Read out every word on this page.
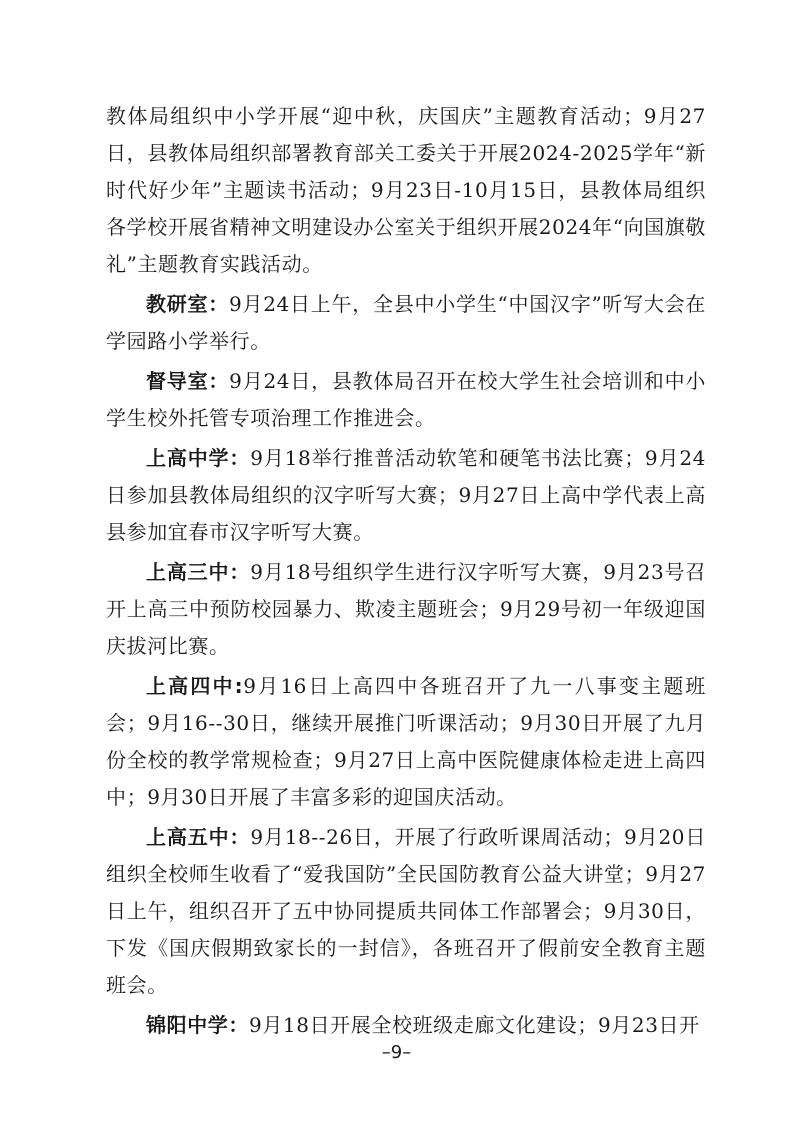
教体局组织中小学开展“迎中秋，庆国庆”主题教育活动；9月27日，县教体局组织部署教育部关工委关于开展2024-2025学年“新时代好少年”主题读书活动；9月23日-10月15日，县教体局组织各学校开展省精神文明建设办公室关于组织开展2024年“向国旗敬礼”主题教育实践活动。

教研室：9月24日上午，全县中小学生“中国汉字”听写大会在学园路小学举行。

督导室：9月24日，县教体局召开在校大学生社会培训和中小学生校外托管专项治理工作推进会。

上高中学：9月18举行推普活动软笔和硬笔书法比赛；9月24日参加县教体局组织的汉字听写大赛；9月27日上高中学代表上高县参加宜春市汉字听写大赛。

上高三中：9月18号组织学生进行汉字听写大赛，9月23号召开上高三中预防校园暴力、欺凌主题班会；9月29号初一年级迎国庆拔河比赛。

上高四中:9月16日上高四中各班召开了九一八事变主题班会；9月16--30日，继续开展推门听课活动；9月30日开展了九月份全校的教学常规检查；9月27日上高中医院健康体检走进上高四中；9月30日开展了丰富多彩的迎国庆活动。

上高五中：9月18--26日，开展了行政听课周活动；9月20日组织全校师生收看了“爱我国防”全民国防教育公益大讲堂；9月27日上午，组织召开了五中协同提质共同体工作部署会；9月30日，下发《国庆假期致家长的一封信》，各班召开了假前安全教育主题班会。

锦阳中学：9月18日开展全校班级走廊文化建设；9月23日开

–9–
